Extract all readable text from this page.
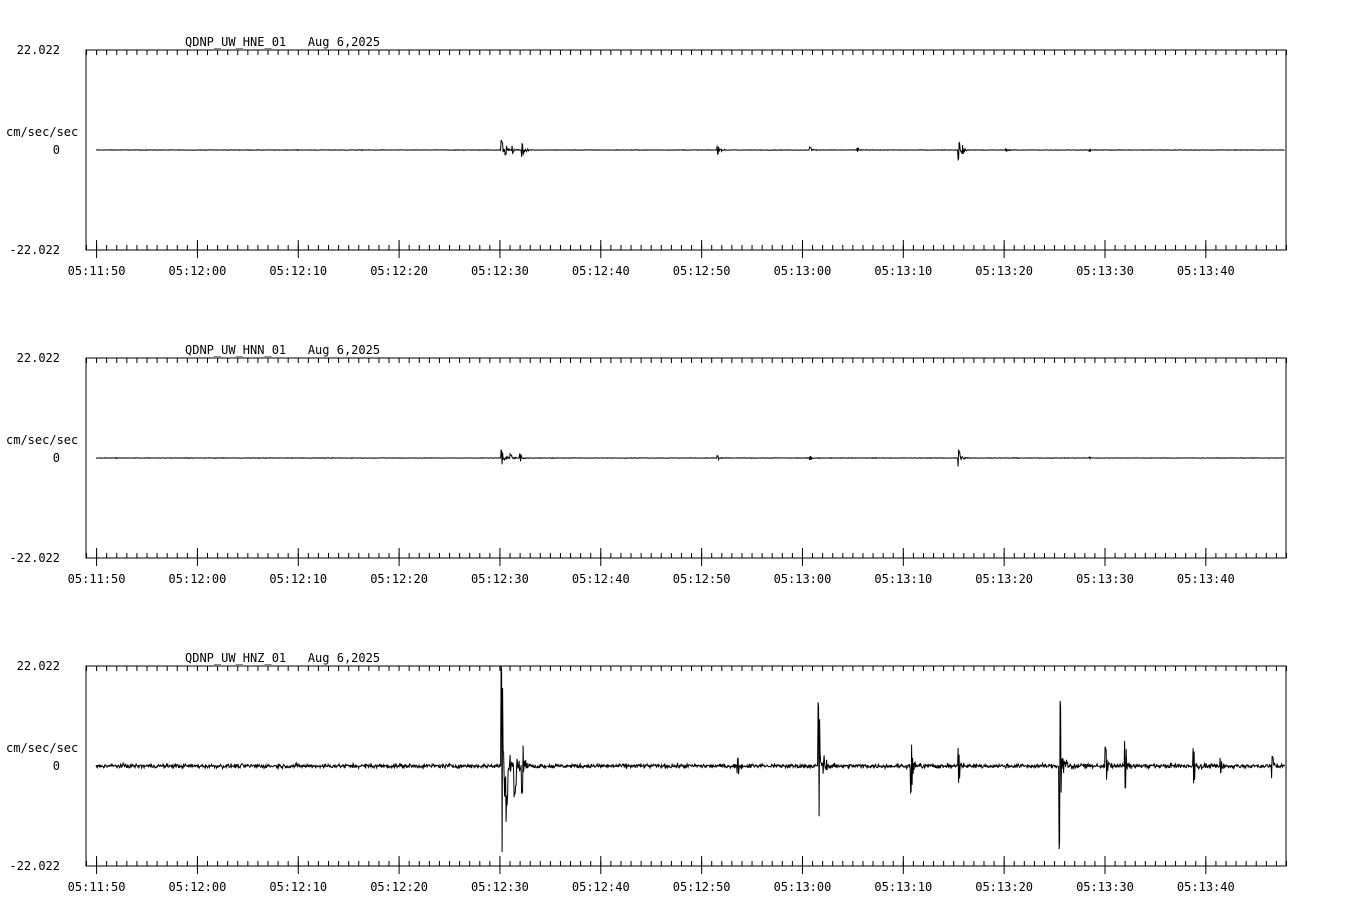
QDNP_UW_HNE_01   Aug 6,2025
cm/sec/sec
22.022
0
-22.022
05:11:50	05:12:00	05:12:10	05:12:20	05:12:30	05:12:40	05:12:50	05:13:00	05:13:10	05:13:20	05:13:30	05:13:40
QDNP_UW_HNN_01   Aug 6,2025
cm/sec/sec
22.022
0
-22.022
05:11:50	05:12:00	05:12:10	05:12:20	05:12:30	05:12:40	05:12:50	05:13:00	05:13:10	05:13:20	05:13:30	05:13:40
QDNP_UW_HNZ_01   Aug 6,2025
cm/sec/sec
22.022
0
-22.022
05:11:50	05:12:00	05:12:10	05:12:20	05:12:30	05:12:40	05:12:50	05:13:00	05:13:10	05:13:20	05:13:30	05:13:40
